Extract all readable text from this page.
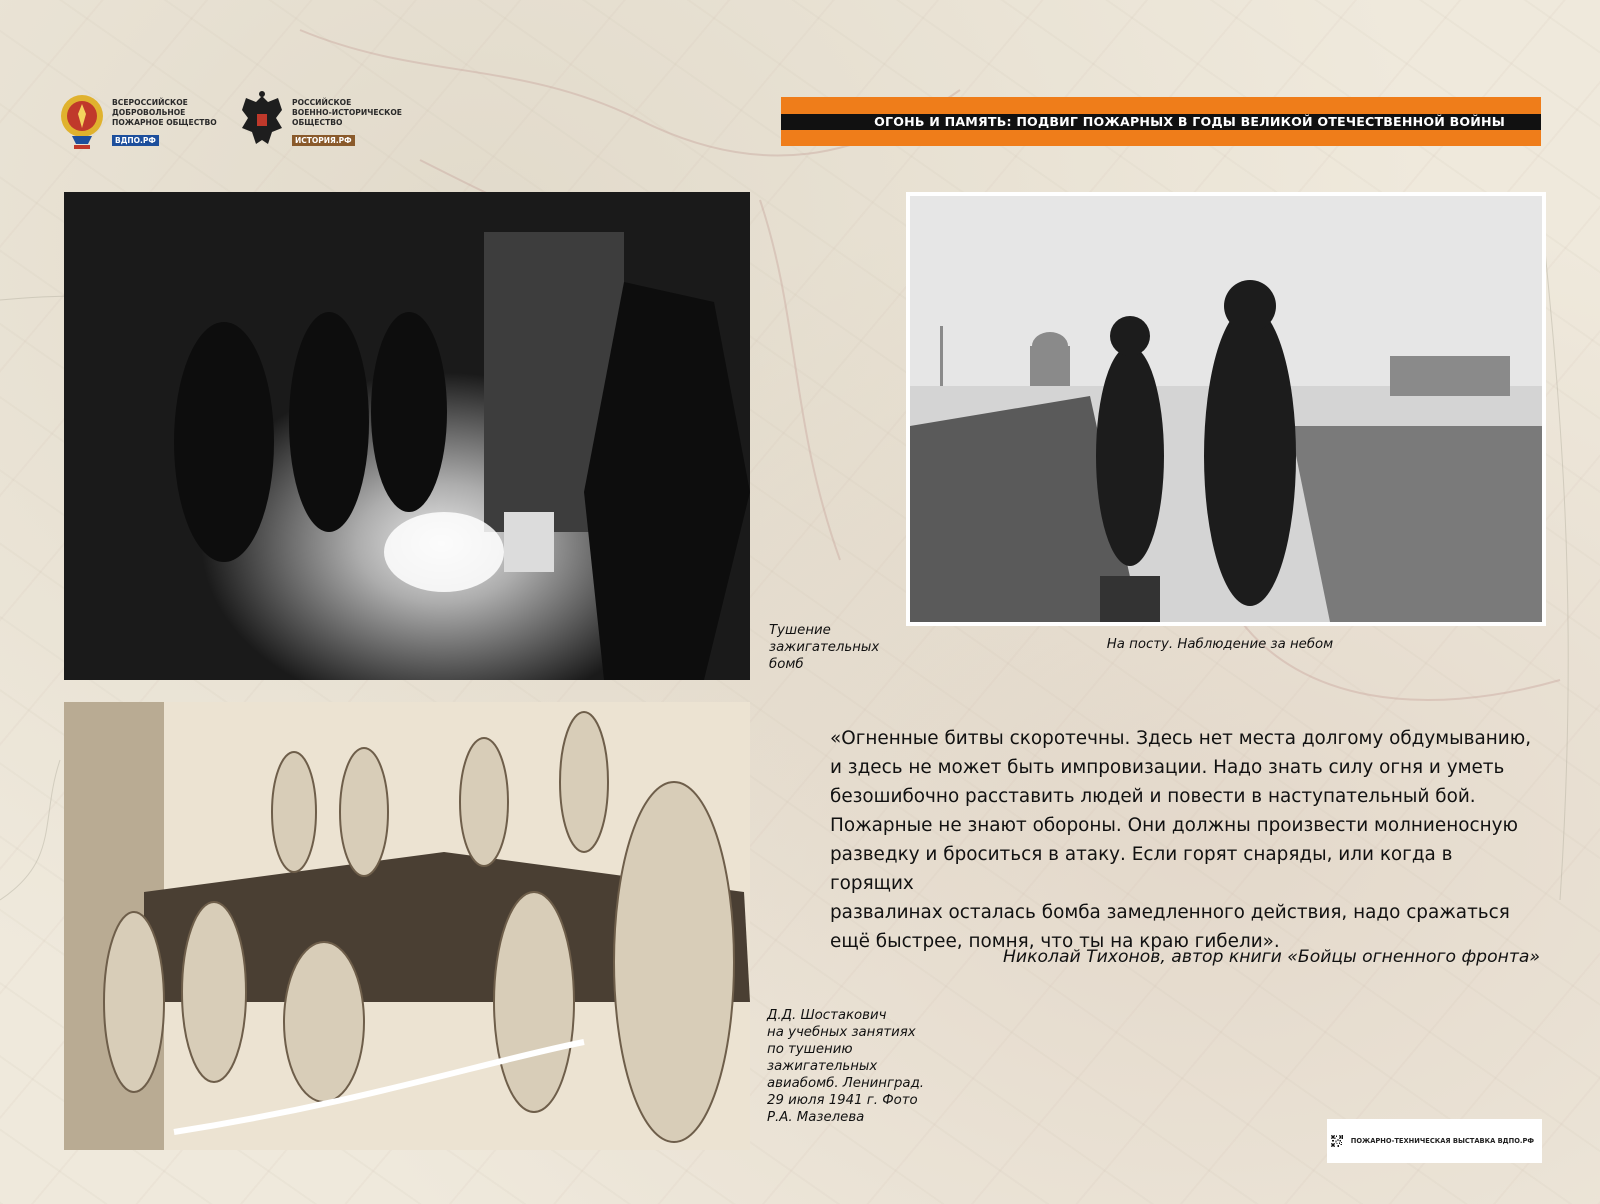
ВСЕРОССИЙСКОЕ
ДОБРОВОЛЬНОЕ
ПОЖАРНОЕ ОБЩЕСТВО
ВДПО.РФ
РОССИЙСКОЕ
ВОЕННО-ИСТОРИЧЕСКОЕ
ОБЩЕСТВО
ИСТОРИЯ.РФ
ОГОНЬ И ПАМЯТЬ: ПОДВИГ ПОЖАРНЫХ В ГОДЫ ВЕЛИКОЙ ОТЕЧЕСТВЕННОЙ ВОЙНЫ
Тушение
зажигательных
бомб
На посту. Наблюдение за небом
Д.Д. Шостакович
на учебных занятиях
по тушению
зажигательных
авиабомб. Ленинград.
29 июля 1941 г. Фото
Р.А. Мазелева
«Огненные битвы скоротечны. Здесь нет места долгому обдумыванию,
и здесь не может быть импровизации. Надо знать силу огня и уметь
безошибочно расставить людей и повести в наступательный бой.
Пожарные не знают обороны. Они должны произвести молниеносную
разведку и броситься в атаку. Если горят снаряды, или когда в горящих
развалинах осталась бомба замедленного действия, надо сражаться
ещё быстрее, помня, что ты на краю гибели».
Николай Тихонов, автор книги «Бойцы огненного фронта»
ПОЖАРНО-ТЕХНИЧЕСКАЯ ВЫСТАВКА ВДПО.РФ
